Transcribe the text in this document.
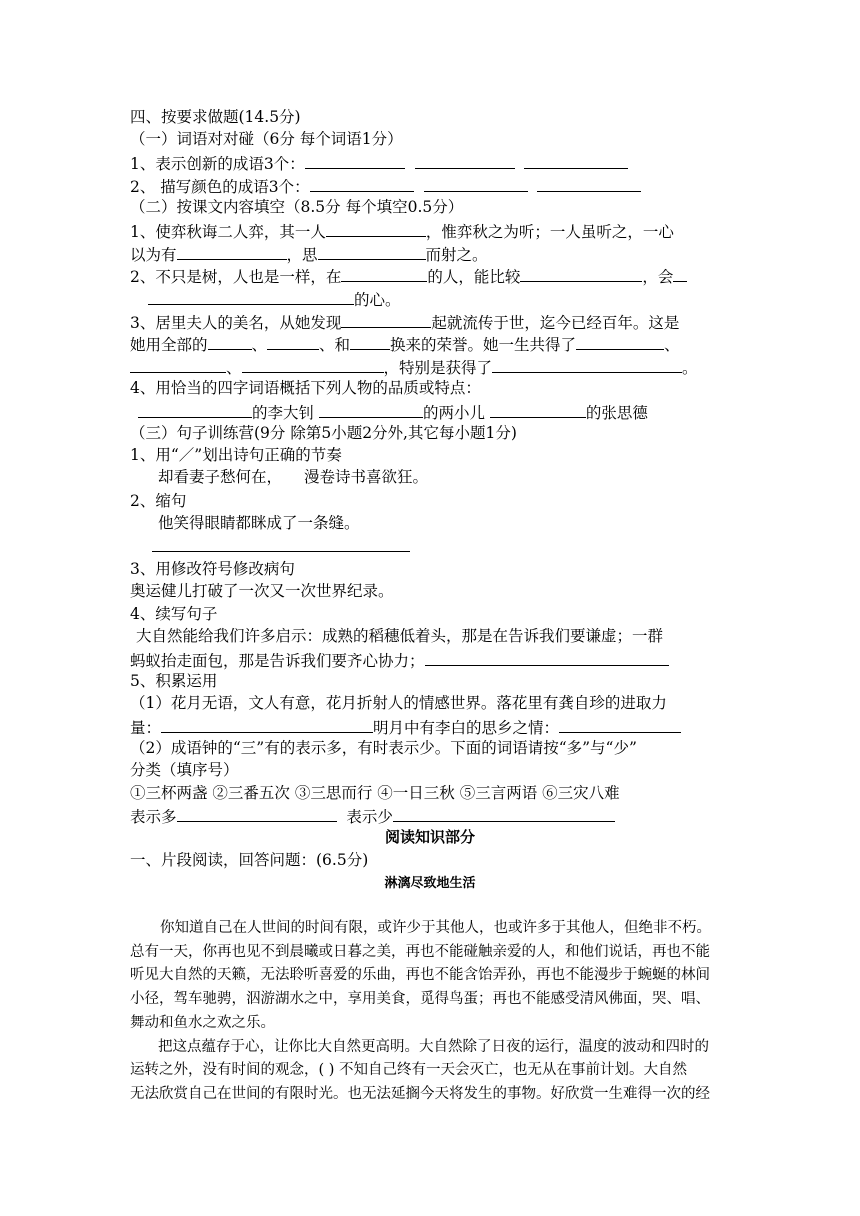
四、按要求做题(14.5分)
（一）词语对对碰（6分 每个词语1分）
1、表示创新的成语3个：
2、 描写颜色的成语3个：
（二）按课文内容填空（8.5分 每个填空0.5分）
1、使弈秋诲二人弈，其一人	，惟弈秋之为听；一人虽听之，一心
以为有	，思	而射之。
2、不只是树，人也是一样，在	的人，能比较	，会
的心。
3、居里夫人的美名，从她发现	起就流传于世，迄今已经百年。这是
她用全部的	、	、和	换来的荣誉。她一生共得了	、
、	，特别是获得了	。
4、用恰当的四字词语概括下列人物的品质或特点：
的李大钊	的两小儿	的张思德
（三）句子训练营(9分 除第5小题2分外,其它每小题1分)
1、用“／”划出诗句正确的节奏
却看妻子愁何在， 漫卷诗书喜欲狂。
2、缩句
他笑得眼睛都眯成了一条缝。
3、用修改符号修改病句
奥运健儿打破了一次又一次世界纪录。
4、续写句子
大自然能给我们许多启示：成熟的稻穗低着头，那是在告诉我们要谦虚；一群
蚂蚁抬走面包，那是告诉我们要齐心协力；
5、积累运用
（1）花月无语，文人有意，花月折射人的情感世界。落花里有龚自珍的进取力
量：	明月中有李白的思乡之情：
（2）成语钟的“三”有的表示多，有时表示少。下面的词语请按“多”与“少”
分类（填序号）
①三杯两盏 ②三番五次 ③三思而行 ④一日三秋 ⑤三言两语 ⑥三灾八难
表示多	表示少
阅读知识部分
一、片段阅读，回答问题：(6.5分)
淋漓尽致地生活
你知道自己在人世间的时间有限，或许少于其他人，也或许多于其他人，但绝非不朽。
总有一天，你再也见不到晨曦或日暮之美，再也不能碰触亲爱的人，和他们说话，再也不能
听见大自然的天籁，无法聆听喜爱的乐曲，再也不能含饴弄孙，再也不能漫步于蜿蜒的林间
小径，驾车驰骋，泅游湖水之中，享用美食，觅得鸟蛋；再也不能感受清风佛面，哭、唱、
舞动和鱼水之欢之乐。
把这点蕴存于心，让你比大自然更高明。大自然除了日夜的运行，温度的波动和四时的
运转之外，没有时间的观念，( ) 不知自己终有一天会灭亡，也无从在事前计划。大自然
无法欣赏自己在世间的有限时光。也无法延搁今天将发生的事物。好欣赏一生难得一次的经
